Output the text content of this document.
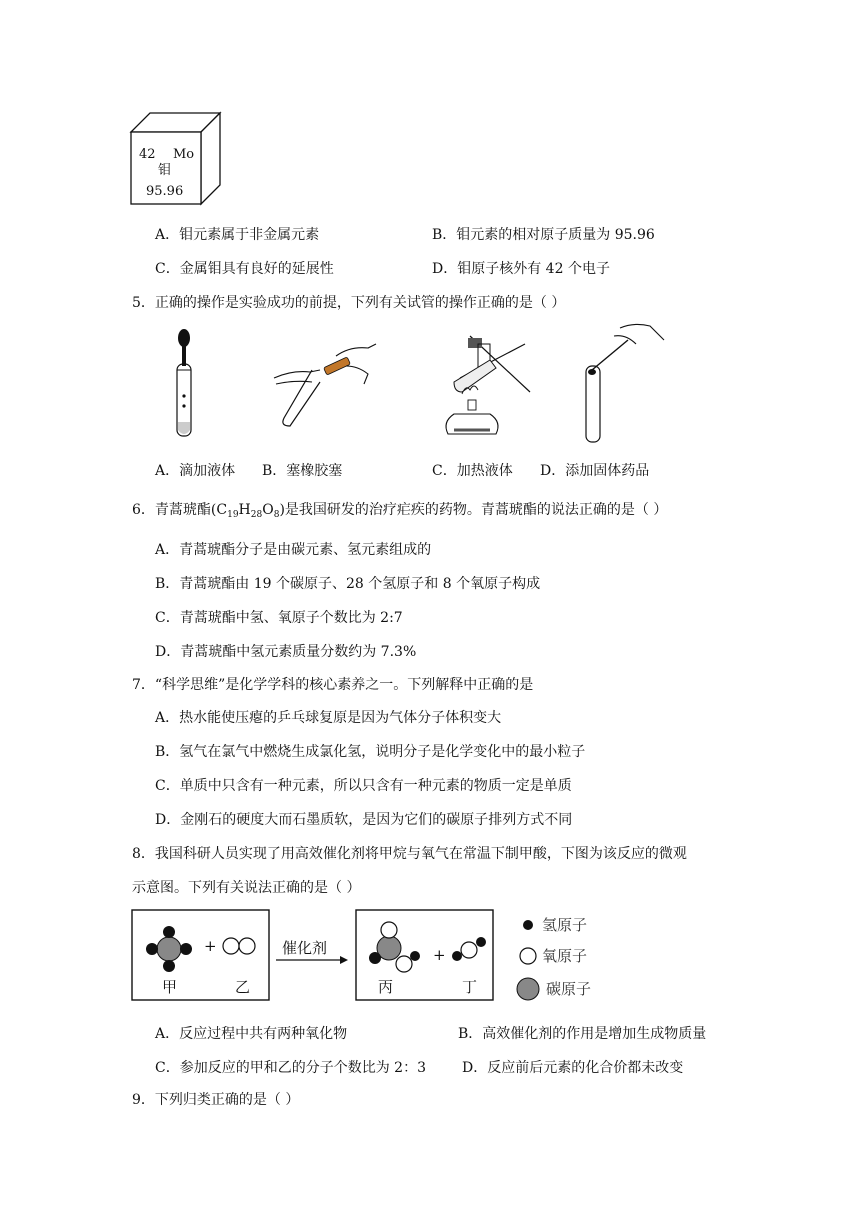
42 Mo
钼
95.96
A．钼元素属于非金属元素	B．钼元素的相对原子质量为 95.96
C．金属钼具有良好的延展性	D．钼原子核外有 42 个电子
5．正确的操作是实验成功的前提，下列有关试管的操作正确的是（ ）
A．滴加液体 B．塞橡胶塞	C．加热液体 D．添加固体药品
6．青蒿琥酯$(C_{19}H_{28}O_8)$是我国研发的治疗疟疾的药物。青蒿琥酯的说法正确的是（ ）
A．青蒿琥酯分子是由碳元素、氢元素组成的
B．青蒿琥酯由 19 个碳原子、28 个氢原子和 8 个氧原子构成
C．青蒿琥酯中氢、氧原子个数比为 2:7
D．青蒿琥酯中氢元素质量分数约为 7.3%
7．“科学思维”是化学学科的核心素养之一。下列解释中正确的是
A．热水能使压瘪的乒乓球复原是因为气体分子体积变大
B．氢气在氯气中燃烧生成氯化氢，说明分子是化学变化中的最小粒子
C．单质中只含有一种元素，所以只含有一种元素的物质一定是单质
D．金刚石的硬度大而石墨质软，是因为它们的碳原子排列方式不同
8．我国科研人员实现了用高效催化剂将甲烷与氧气在常温下制甲酸，下图为该反应的微观
示意图。下列有关说法正确的是（ ）
催化剂
+	+
甲	乙	丙	丁
氢原子
氧原子
碳原子
A．反应过程中共有两种氧化物	B．高效催化剂的作用是增加生成物质量
C．参加反应的甲和乙的分子个数比为 2：3	D．反应前后元素的化合价都未改变
9．下列归类正确的是（ ）
